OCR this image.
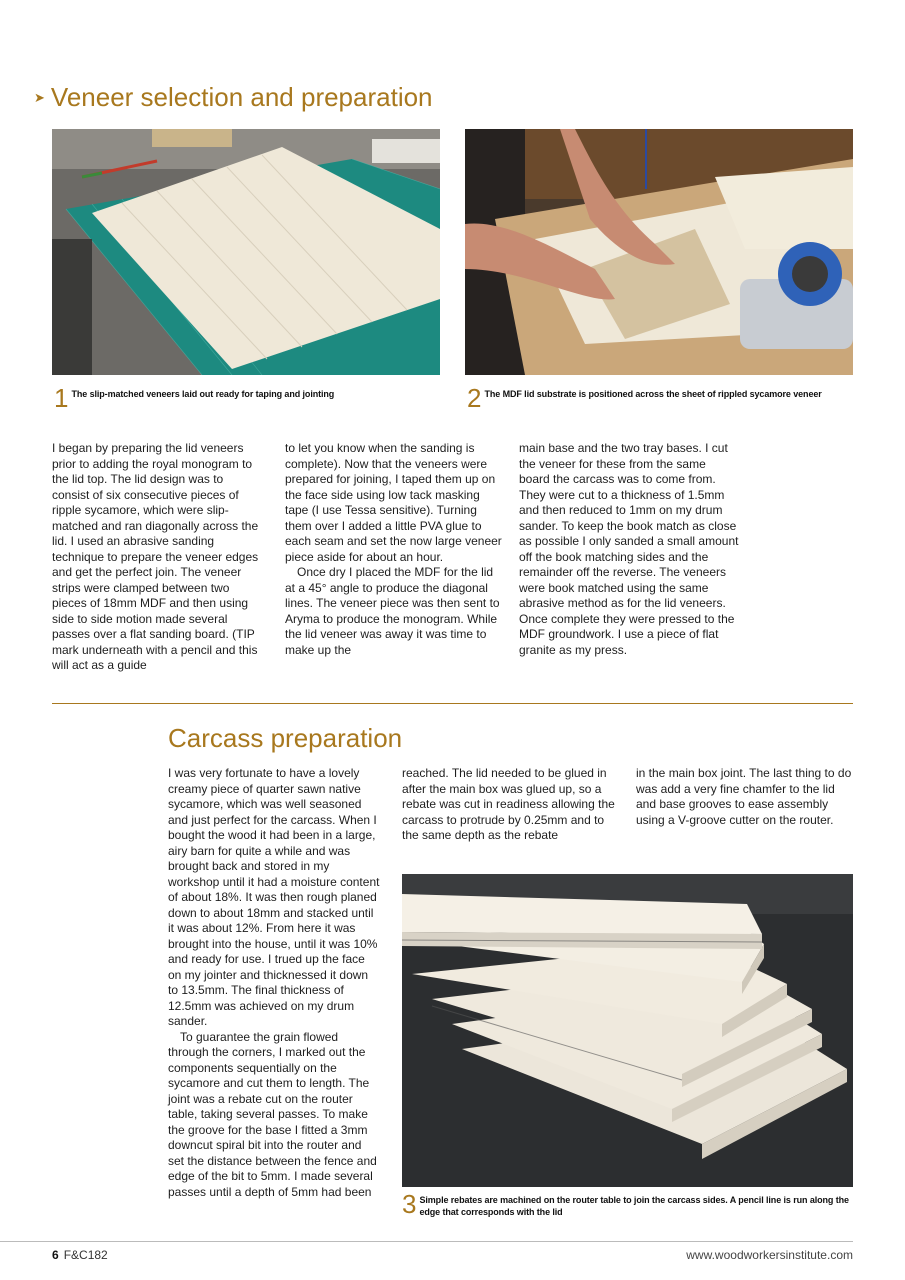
➤ Veneer selection and preparation
1 The slip-matched veneers laid out ready for taping and jointing	2 The MDF lid substrate is positioned across the sheet of rippled sycamore veneer

I began by preparing the lid veneers prior to adding the royal monogram to the lid top. The lid design was to consist of six consecutive pieces of ripple sycamore, which were slip-matched and ran diagonally across the lid. I used an abrasive sanding technique to prepare the veneer edges and get the perfect join. The veneer strips were clamped between two pieces of 18mm MDF and then using side to side motion made several passes over a flat sanding board. (TIP mark underneath with a pencil and this will act as a guide

to let you know when the sanding is complete). Now that the veneers were prepared for joining, I taped them up on the face side using low tack masking tape (I use Tessa sensitive). Turning them over I added a little PVA glue to each seam and set the now large veneer piece aside for about an hour.

Once dry I placed the MDF for the lid at a 45° angle to produce the diagonal lines. The veneer piece was then sent to Aryma to produce the monogram. While the lid veneer was away it was time to make up the

main base and the two tray bases. I cut the veneer for these from the same board the carcass was to come from. They were cut to a thickness of 1.5mm and then reduced to 1mm on my drum sander. To keep the book match as close as possible I only sanded a small amount off the book matching sides and the remainder off the reverse. The veneers were book matched using the same abrasive method as for the lid veneers. Once complete they were pressed to the MDF groundwork. I use a piece of flat granite as my press.

Carcass preparation

I was very fortunate to have a lovely creamy piece of quarter sawn native sycamore, which was well seasoned and just perfect for the carcass. When I bought the wood it had been in a large, airy barn for quite a while and was brought back and stored in my workshop until it had a moisture content of about 18%. It was then rough planed down to about 18mm and stacked until it was about 12%. From here it was brought into the house, until it was 10% and ready for use. I trued up the face on my jointer and thicknessed it down to 13.5mm. The final thickness of 12.5mm was achieved on my drum sander.

To guarantee the grain flowed through the corners, I marked out the components sequentially on the sycamore and cut them to length. The joint was a rebate cut on the router table, taking several passes. To make the groove for the base I fitted a 3mm downcut spiral bit into the router and set the distance between the fence and edge of the bit to 5mm. I made several passes until a depth of 5mm had been

reached. The lid needed to be glued in after the main box was glued up, so a rebate was cut in readiness allowing the carcass to protrude by 0.25mm and to the same depth as the rebate

in the main box joint. The last thing to do was add a very fine chamfer to the lid and base grooves to ease assembly using a V-groove cutter on the router.

3 Simple rebates are machined on the router table to join the carcass sides. A pencil line is run along the edge that corresponds with the lid
6 F&C182	www.woodworkersinstitute.com
